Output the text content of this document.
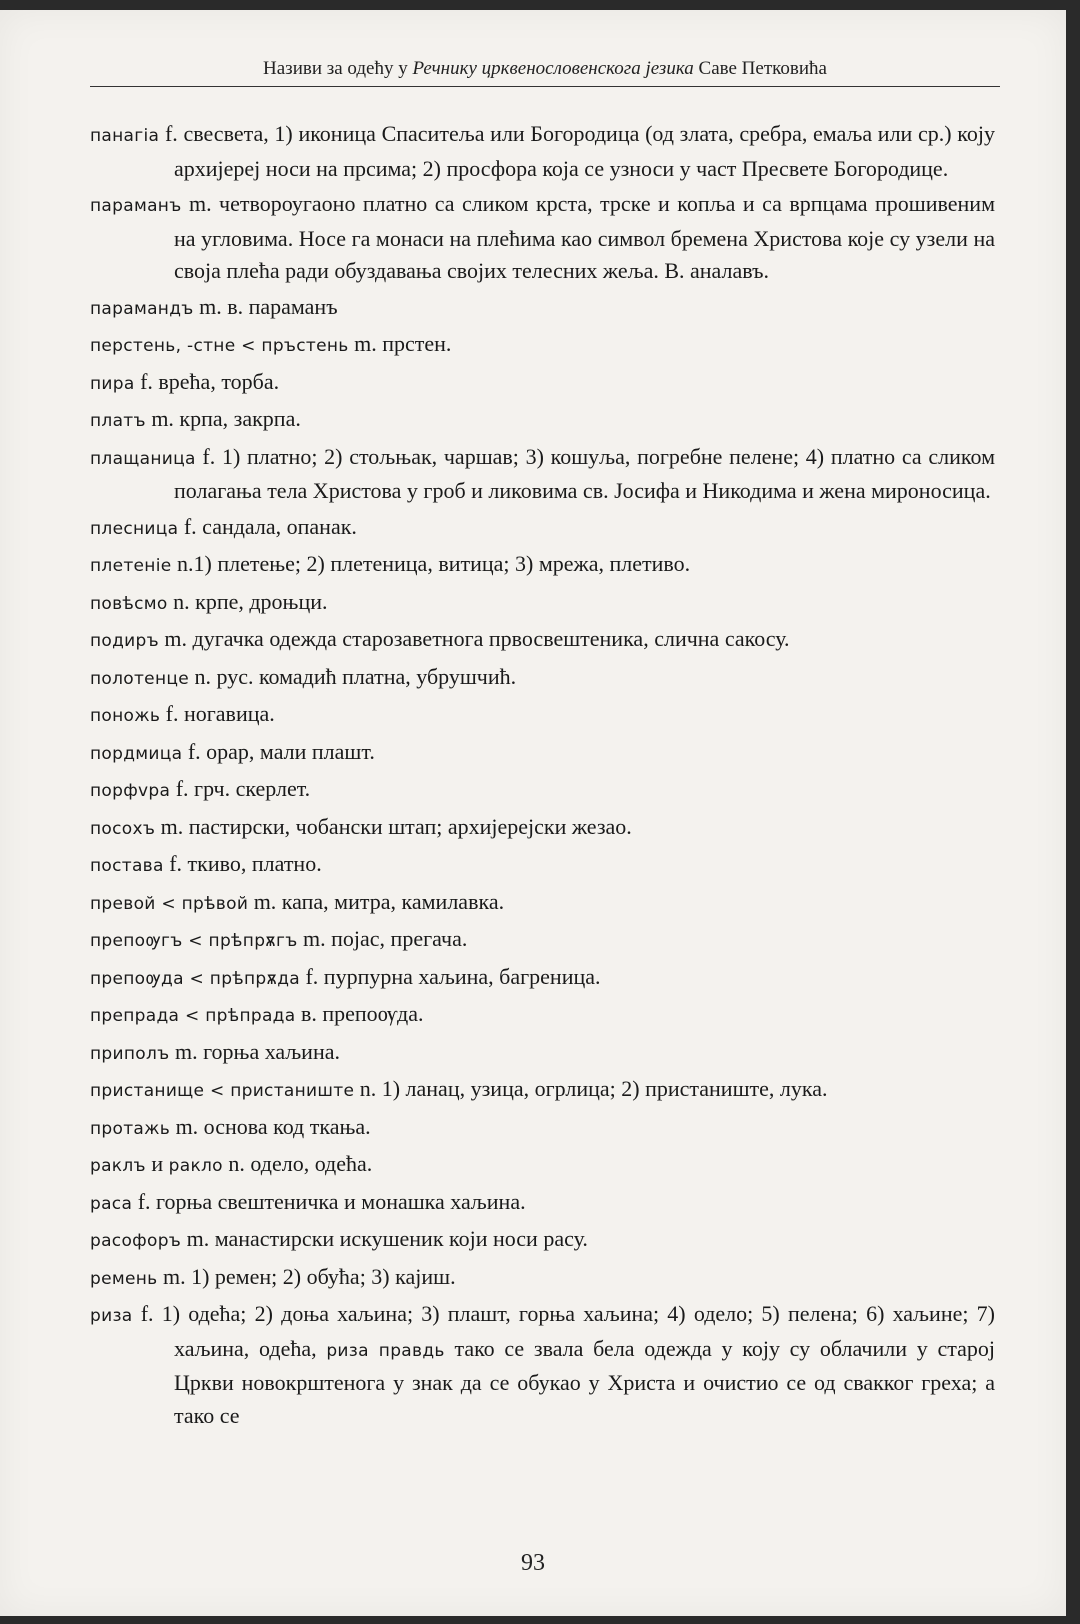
Називи за одећу у Речнику црквенословенскога језика Саве Петковића

панагіа f. свесвета, 1) иконица Спаситеља или Богородица (од злата, сребра, емаља или ср.) коју архијереј носи на прсима; 2) просфора која се узноси у част Пресвете Богородице.

параманъ m. четвороугаоно платно са сликом крста, трске и копља и са врпцама прошивеним на угловима. Носе га монаси на плећима као символ бремена Христова које су узели на своја плећа ради обуздавања својих телесних жеља. В. аналавъ.

парамандъ m. в. параманъ

перстень, -стне < пръстень m. прстен.

пира f. врећа, торба.

платъ m. крпа, закрпа.

плащаница f. 1) платно; 2) стољњак, чаршав; 3) кошуља, погребне пелене; 4) платно са сликом полагања тела Христова у гроб и ликовима св. Јосифа и Никодима и жена мироносица.

плесница f. сандала, опанак.

плетеніе n.1) плетење; 2) плетеница, витица; 3) мрежа, плетиво.

повѣсмо n. крпе, дроњци.

подиръ m. дугачка одежда старозаветнога првосвештеника, слична сакосу.

полотенце n. рус. комадић платна, убрушчић.

поножь f. ногавица.

пордмица f. орар, мали плашт.

порфvра f. грч. скерлет.

посохъ m. пастирски, чобански штап; архијерејски жезао.

постава f. ткиво, платно.

превой < прѣвой m. капа, митра, камилавка.

препоѹгъ < прѣпрѫгъ m. појас, прегача.

препоѹда < прѣпрѫда f. пурпурна хаљина, багреница.

препрада < прѣпрада в. препоѹда.

приполъ m. горња хаљина.

пристанище < пристаниште n. 1) ланац, узица, огрлица; 2) пристаниште, лука.

протажь m. основа код ткања.

раклъ и ракло n. одело, одећа.

раса f. горња свештеничка и монашка хаљина.

расофоръ m. манастирски искушеник који носи расу.

ремень m. 1) ремен; 2) обућа; 3) кајиш.

риза f. 1) одећа; 2) доња хаљина; 3) плашт, горња хаљина; 4) одело; 5) пелена; 6) хаљине; 7) хаљина, одећа, риза правдь тако се звала бела одежда у коју су облачили у старој Цркви новокрштенога у знак да се обукао у Христа и очистио се од свакког греха; а тако се

93
